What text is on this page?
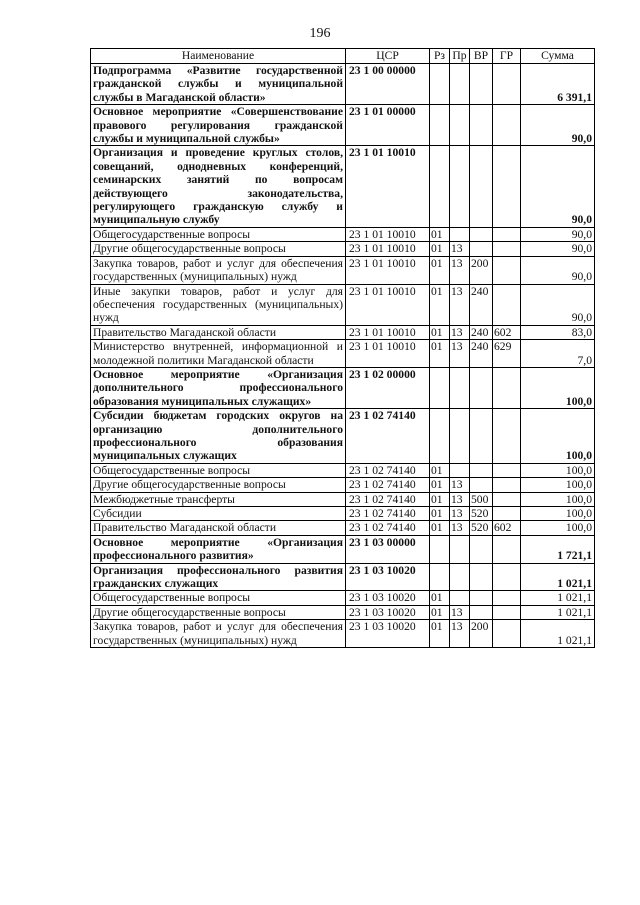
196
Наименование	ЦСР	Рз	Пр	ВР	ГР	Сумма
Подпрограмма «Развитие государственной гражданской службы и муниципальной службы в Магаданской области»	23 1 00 00000					6 391,1
Основное мероприятие «Совершенствование правового регулирования гражданской службы и муниципальной службы»	23 1 01 00000					90,0
Организация и проведение круглых столов, совещаний, однодневных конференций, семинарских занятий по вопросам действующего законодательства, регулирующего гражданскую службу и муниципальную службу	23 1 01 10010					90,0
Общегосударственные вопросы	23 1 01 10010	01				90,0
Другие общегосударственные вопросы	23 1 01 10010	01	13			90,0
Закупка товаров, работ и услуг для обеспечения государственных (муниципальных) нужд	23 1 01 10010	01	13	200		90,0
Иные закупки товаров, работ и услуг для обеспечения государственных (муниципальных) нужд	23 1 01 10010	01	13	240		90,0
Правительство Магаданской области	23 1 01 10010	01	13	240	602	83,0
Министерство внутренней, информационной и молодежной политики Магаданской области	23 1 01 10010	01	13	240	629	7,0
Основное мероприятие «Организация дополнительного профессионального образования муниципальных служащих»	23 1 02 00000					100,0
Субсидии бюджетам городских округов на организацию дополнительного профессионального образования муниципальных служащих	23 1 02 74140					100,0
Общегосударственные вопросы	23 1 02 74140	01				100,0
Другие общегосударственные вопросы	23 1 02 74140	01	13			100,0
Межбюджетные трансферты	23 1 02 74140	01	13	500		100,0
Субсидии	23 1 02 74140	01	13	520		100,0
Правительство Магаданской области	23 1 02 74140	01	13	520	602	100,0
Основное мероприятие «Организация профессионального развития»	23 1 03 00000					1 721,1
Организация профессионального развития гражданских служащих	23 1 03 10020					1 021,1
Общегосударственные вопросы	23 1 03 10020	01				1 021,1
Другие общегосударственные вопросы	23 1 03 10020	01	13			1 021,1
Закупка товаров, работ и услуг для обеспечения государственных (муниципальных) нужд	23 1 03 10020	01	13	200		1 021,1
